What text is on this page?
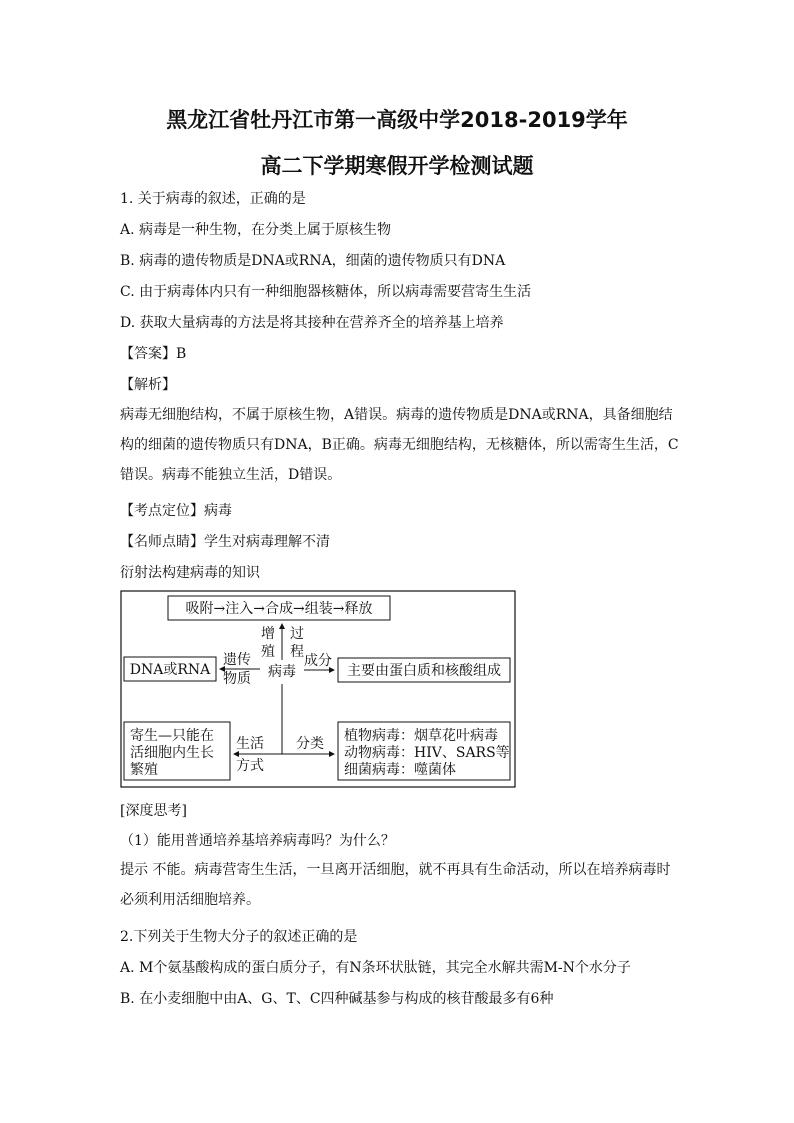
黑龙江省牡丹江市第一高级中学2018-2019学年
高二下学期寒假开学检测试题
1. 关于病毒的叙述，正确的是
A. 病毒是一种生物，在分类上属于原核生物
B. 病毒的遗传物质是DNA或RNA，细菌的遗传物质只有DNA
C. 由于病毒体内只有一种细胞器核糖体，所以病毒需要营寄生生活
D. 获取大量病毒的方法是将其接种在营养齐全的培养基上培养
【答案】B
【解析】
病毒无细胞结构，不属于原核生物，A错误。病毒的遗传物质是DNA或RNA，具备细胞结构的细菌的遗传物质只有DNA，B正确。病毒无细胞结构，无核糖体，所以需寄生生活，C错误。病毒不能独立生活，D错误。
【考点定位】病毒
【名师点睛】学生对病毒理解不清
衍射法构建病毒的知识
吸附→注入→合成→组装→释放
增
殖
过
程
病毒
DNA或RNA
遗传
物质	主要由蛋白质和核酸组成
成分
生活
方式
分类
寄生—只能在
活细胞内生长
繁殖
植物病毒：烟草花叶病毒
动物病毒：HIV、SARS等
细菌病毒：噬菌体
[深度思考]
（1）能用普通培养基培养病毒吗？为什么？
提示 不能。病毒营寄生生活，一旦离开活细胞，就不再具有生命活动，所以在培养病毒时必须利用活细胞培养。
2.下列关于生物大分子的叙述正确的是
A. M个氨基酸构成的蛋白质分子，有N条环状肽链，其完全水解共需M-N个水分子
B. 在小麦细胞中由A、G、T、C四种碱基参与构成的核苷酸最多有6种
